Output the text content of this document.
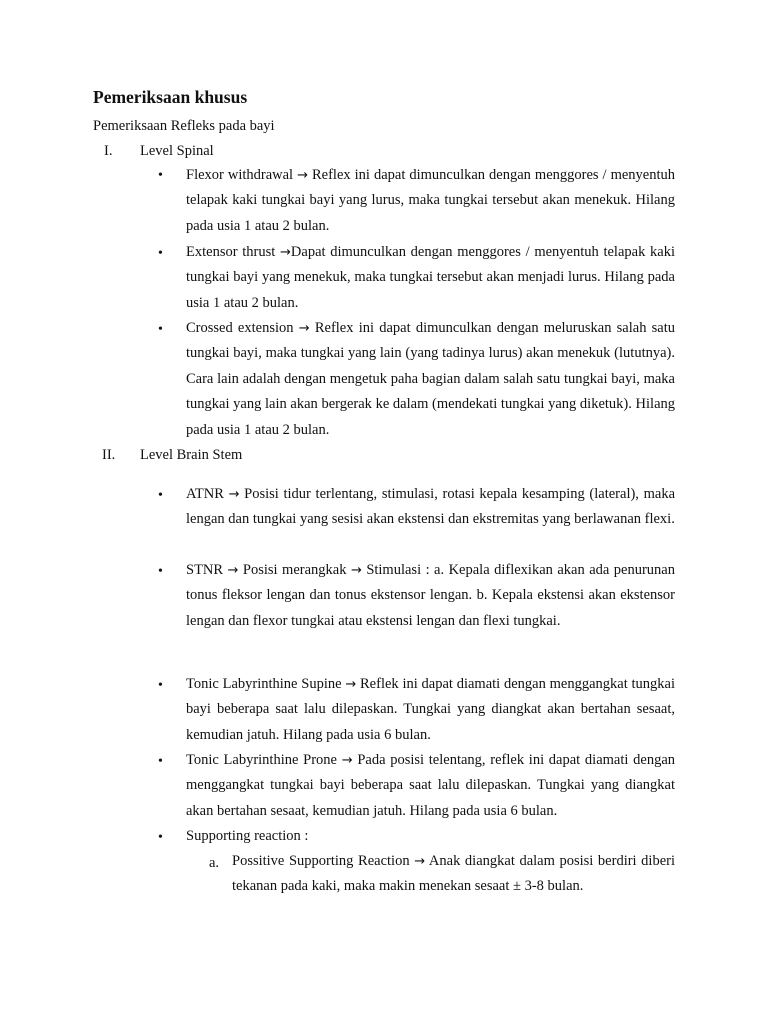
Pemeriksaan khusus
Pemeriksaan Refleks pada bayi
I. Level Spinal
• Flexor withdrawal → Reflex ini dapat dimunculkan dengan menggores / menyentuh telapak kaki tungkai bayi yang lurus, maka tungkai tersebut akan menekuk. Hilang pada usia 1 atau 2 bulan.
• Extensor thrust →Dapat dimunculkan dengan menggores / menyentuh telapak kaki tungkai bayi yang menekuk, maka tungkai tersebut akan menjadi lurus. Hilang pada usia 1 atau 2 bulan.
• Crossed extension → Reflex ini dapat dimunculkan dengan meluruskan salah satu tungkai bayi, maka tungkai yang lain (yang tadinya lurus) akan menekuk (lututnya). Cara lain adalah dengan mengetuk paha bagian dalam salah satu tungkai bayi, maka tungkai yang lain akan bergerak ke dalam (mendekati tungkai yang diketuk). Hilang pada usia 1 atau 2 bulan.
II. Level Brain Stem
• ATNR → Posisi tidur terlentang, stimulasi, rotasi kepala kesamping (lateral), maka lengan dan tungkai yang sesisi akan ekstensi dan ekstremitas yang berlawanan flexi.
• STNR → Posisi merangkak → Stimulasi : a. Kepala diflexikan akan ada penurunan tonus fleksor lengan dan tonus ekstensor lengan. b. Kepala ekstensi akan ekstensor lengan dan flexor tungkai atau ekstensi lengan dan flexi tungkai.
• Tonic Labyrinthine Supine → Reflek ini dapat diamati dengan menggangkat tungkai bayi beberapa saat lalu dilepaskan. Tungkai yang diangkat akan bertahan sesaat, kemudian jatuh. Hilang pada usia 6 bulan.
• Tonic Labyrinthine Prone → Pada posisi telentang, reflek ini dapat diamati dengan menggangkat tungkai bayi beberapa saat lalu dilepaskan. Tungkai yang diangkat akan bertahan sesaat, kemudian jatuh. Hilang pada usia 6 bulan.
• Supporting reaction :
a. Possitive Supporting Reaction → Anak diangkat dalam posisi berdiri diberi tekanan pada kaki, maka makin menekan sesaat ± 3-8 bulan.
